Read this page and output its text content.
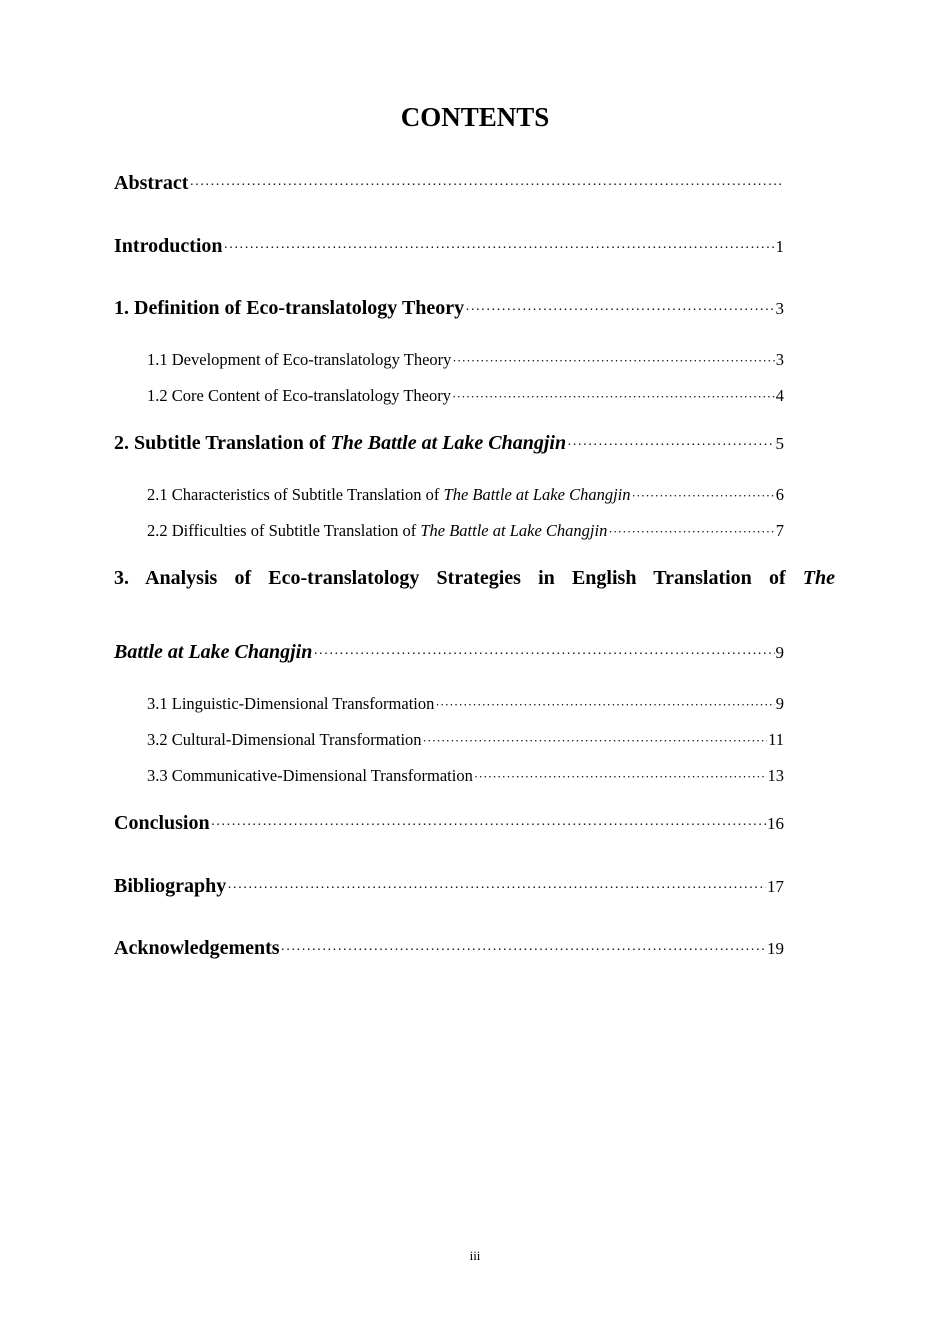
CONTENTS
Abstract
·····
Introduction ·····	1
1. Definition of Eco-translatology Theory ·····	3
1.1 Development of Eco-translatology Theory ·····	3
1.2 Core Content of Eco-translatology Theory ·····	4
2. Subtitle Translation of The Battle at Lake Changjin ·····	5
2.1 Characteristics of Subtitle Translation of The Battle at Lake Changjin ·····	6
2.2 Difficulties of Subtitle Translation of The Battle at Lake Changjin ·····	7
3. Analysis of Eco-translatology Strategies in English Translation of The
Battle at Lake Changjin ·····	9
3.1 Linguistic-Dimensional Transformation ·····	9
3.2 Cultural-Dimensional Transformation ·····	11
3.3 Communicative-Dimensional Transformation ·····	13
Conclusion ·····	16
Bibliography ·····	17
Acknowledgements ·····	19
iii
